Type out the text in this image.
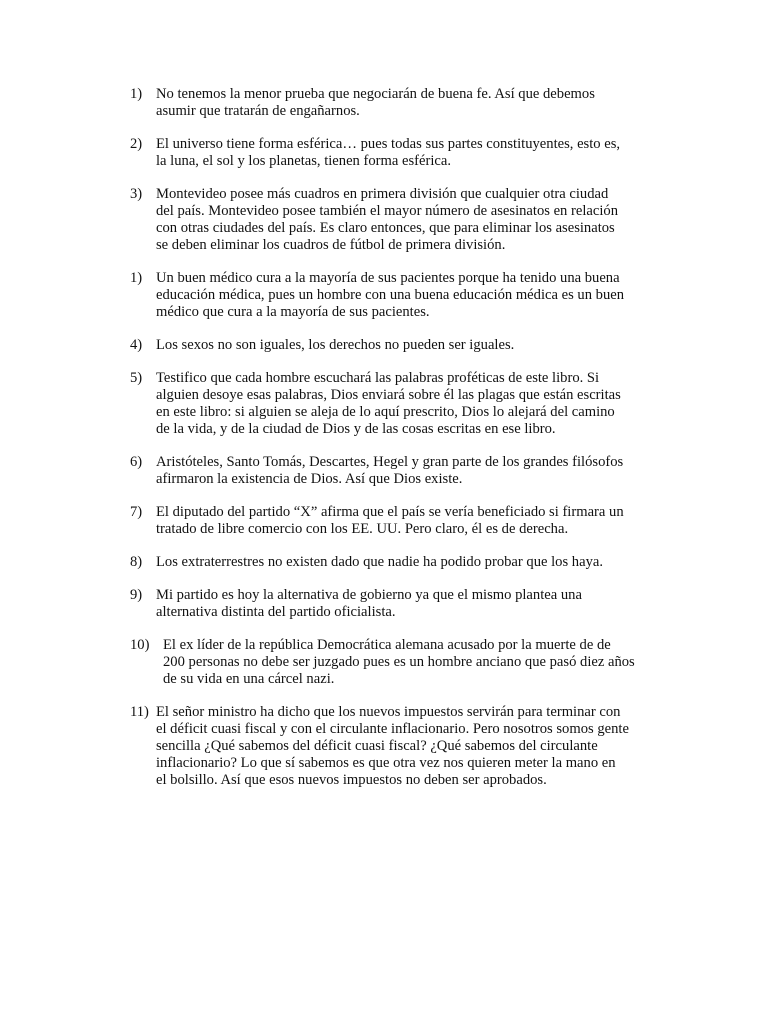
1) No tenemos la menor prueba que negociarán de buena fe. Así que debemos
asumir que tratarán de engañarnos.
2) El universo tiene forma esférica… pues todas sus partes constituyentes, esto es,
la luna, el sol y los planetas, tienen forma esférica.
3) Montevideo posee más cuadros en primera división que cualquier otra ciudad
del país. Montevideo posee también el mayor número de asesinatos en relación
con otras ciudades del país. Es claro entonces, que para eliminar los asesinatos
se deben eliminar los cuadros de fútbol de primera división.
1) Un buen médico cura a la mayoría de sus pacientes porque ha tenido una buena
educación médica, pues un hombre con una buena educación médica es un buen
médico que cura a la mayoría de sus pacientes.
4) Los sexos no son iguales, los derechos no pueden ser iguales.
5) Testifico que cada hombre escuchará las palabras proféticas de este libro. Si
alguien desoye esas palabras, Dios enviará sobre él las plagas que están escritas
en este libro: si alguien se aleja de lo aquí prescrito, Dios lo alejará del camino
de la vida, y de la ciudad de Dios y de las cosas escritas en ese libro.
6) Aristóteles, Santo Tomás, Descartes, Hegel y gran parte de los grandes filósofos
afirmaron la existencia de Dios. Así que Dios existe.
7) El diputado del partido “X” afirma que el país se vería beneficiado si firmara un
tratado de libre comercio con los EE. UU. Pero claro, él es de derecha.
8) Los extraterrestres no existen dado que nadie ha podido probar que los haya.
9) Mi partido es hoy la alternativa de gobierno ya que el mismo plantea una
alternativa distinta del partido oficialista.
10) El ex líder de la república Democrática alemana acusado por la muerte de de
200 personas no debe ser juzgado pues es un hombre anciano que pasó diez años
de su vida en una cárcel nazi.
11) El señor ministro ha dicho que los nuevos impuestos servirán para terminar con
el déficit cuasi fiscal y con el circulante inflacionario. Pero nosotros somos gente
sencilla ¿Qué sabemos del déficit cuasi fiscal? ¿Qué sabemos del circulante
inflacionario? Lo que sí sabemos es que otra vez nos quieren meter la mano en
el bolsillo. Así que esos nuevos impuestos no deben ser aprobados.
